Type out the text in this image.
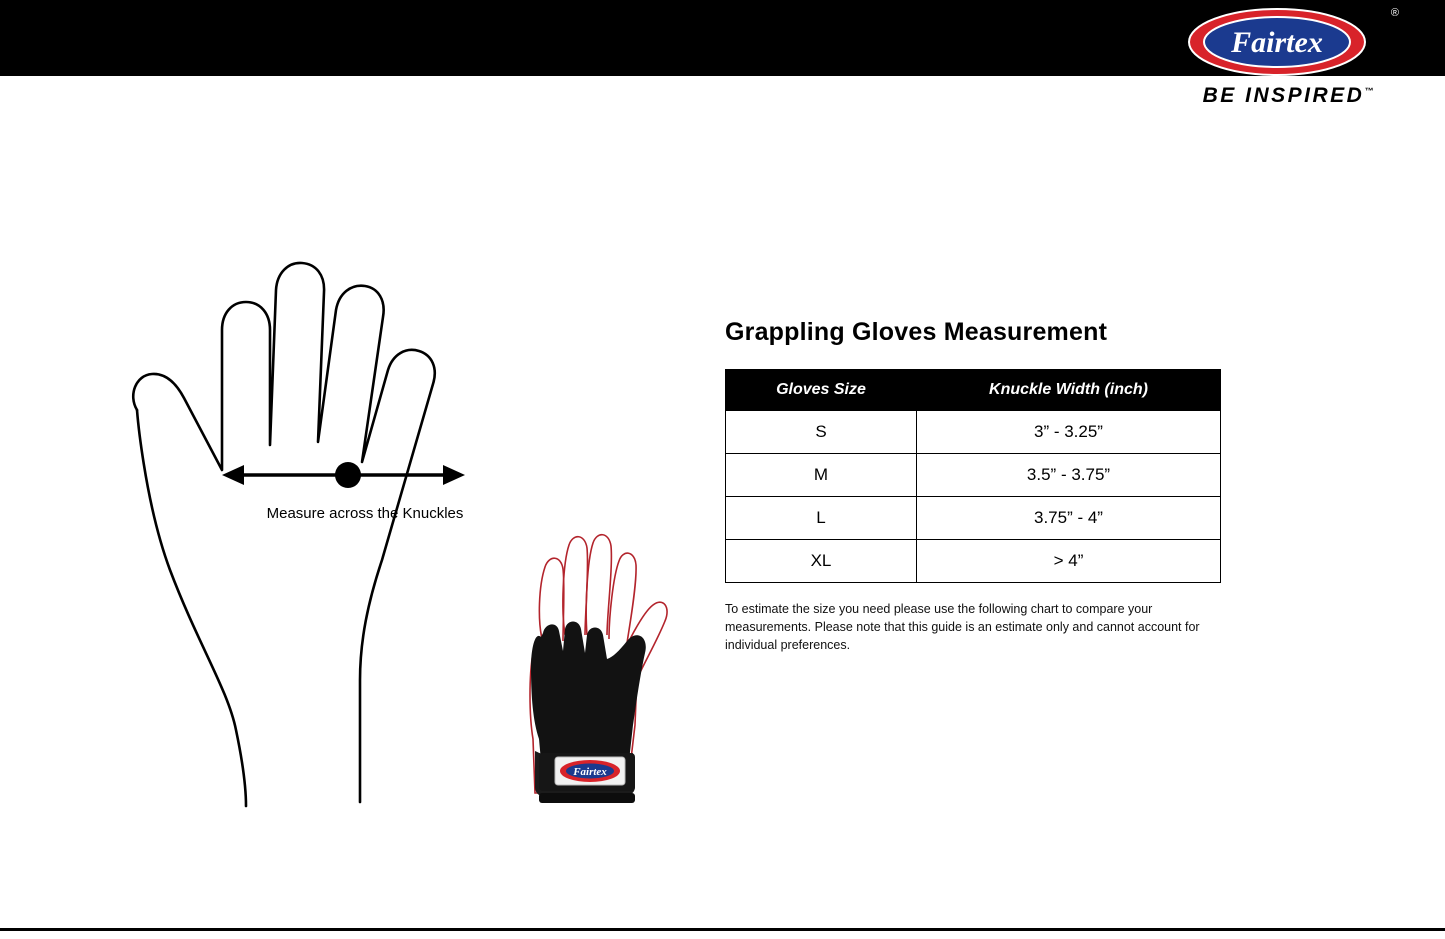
Fairtex
®
BE INSPIRED™
Measure across the Knuckles
Fairtex
Grappling Gloves Measurement
Gloves Size	Knuckle Width (inch)
S	3” - 3.25”
M	3.5” - 3.75”
L	3.75” - 4”
XL	> 4”

To estimate the size you need please use the following chart to compare your measurements. Please note that this guide is an estimate only and cannot account for individual preferences.
